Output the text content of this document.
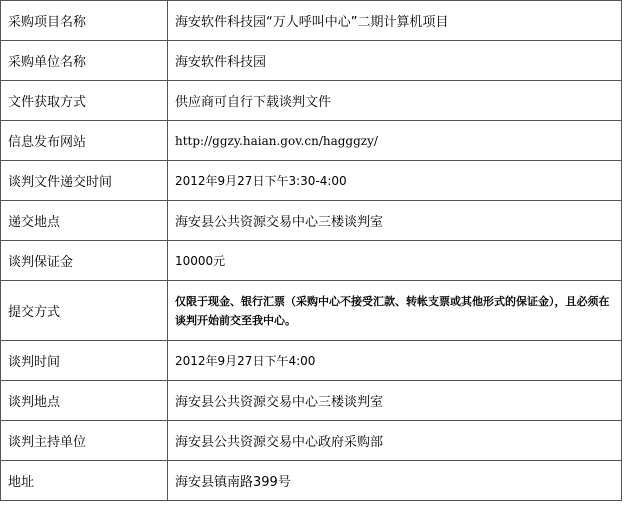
采购项目名称	海安软件科技园“万人呼叫中心”二期计算机项目
采购单位名称	海安软件科技园
文件获取方式	供应商可自行下载谈判文件
信息发布网站	http://ggzy.haian.gov.cn/hagggzy/
谈判文件递交时间	2012年9月27日下午3:30-4:00
递交地点	海安县公共资源交易中心三楼谈判室
谈判保证金	10000元
提交方式	仅限于现金、银行汇票（采购中心不接受汇款、转帐支票或其他形式的保证金），且必须在谈判开始前交至我中心。
谈判时间	2012年9月27日下午4:00
谈判地点	海安县公共资源交易中心三楼谈判室
谈判主持单位	海安县公共资源交易中心政府采购部
地址	海安县镇南路399号
